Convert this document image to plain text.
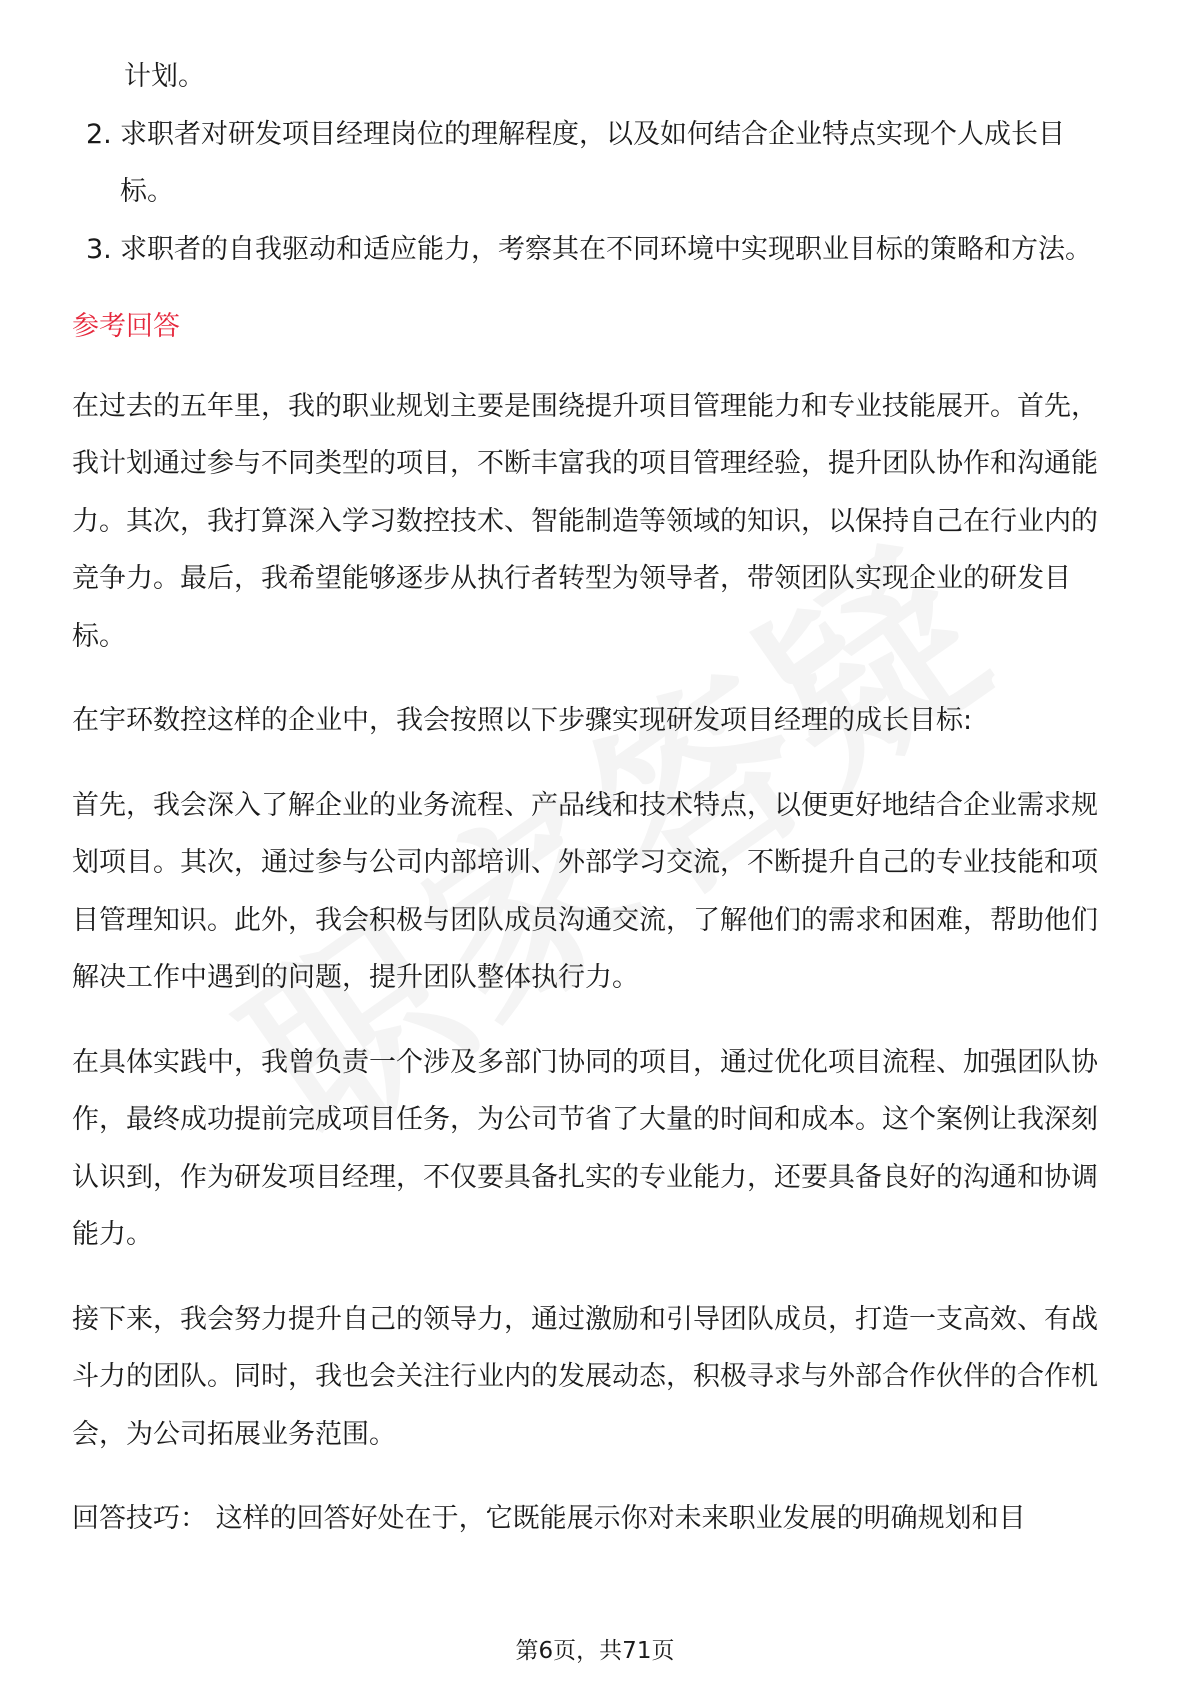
计划。
2. 求职者对研发项目经理岗位的理解程度，以及如何结合企业特点实现个人成长目标。
3. 求职者的自我驱动和适应能力，考察其在不同环境中实现职业目标的策略和方法。
参考回答

在过去的五年里，我的职业规划主要是围绕提升项目管理能力和专业技能展开。首先，我计划通过参与不同类型的项目，不断丰富我的项目管理经验，提升团队协作和沟通能力。其次，我打算深入学习数控技术、智能制造等领域的知识，以保持自己在行业内的竞争力。最后，我希望能够逐步从执行者转型为领导者，带领团队实现企业的研发目标。

在宇环数控这样的企业中，我会按照以下步骤实现研发项目经理的成长目标:

首先，我会深入了解企业的业务流程、产品线和技术特点，以便更好地结合企业需求规划项目。其次，通过参与公司内部培训、外部学习交流，不断提升自己的专业技能和项目管理知识。此外，我会积极与团队成员沟通交流，了解他们的需求和困难，帮助他们解决工作中遇到的问题，提升团队整体执行力。

在具体实践中，我曾负责一个涉及多部门协同的项目，通过优化项目流程、加强团队协作，最终成功提前完成项目任务，为公司节省了大量的时间和成本。这个案例让我深刻认识到，作为研发项目经理，不仅要具备扎实的专业能力，还要具备良好的沟通和协调能力。

接下来，我会努力提升自己的领导力，通过激励和引导团队成员，打造一支高效、有战斗力的团队。同时，我也会关注行业内的发展动态，积极寻求与外部合作伙伴的合作机会，为公司拓展业务范围。

回答技巧： 这样的回答好处在于，它既能展示你对未来职业发展的明确规划和目

第6页，共71页
